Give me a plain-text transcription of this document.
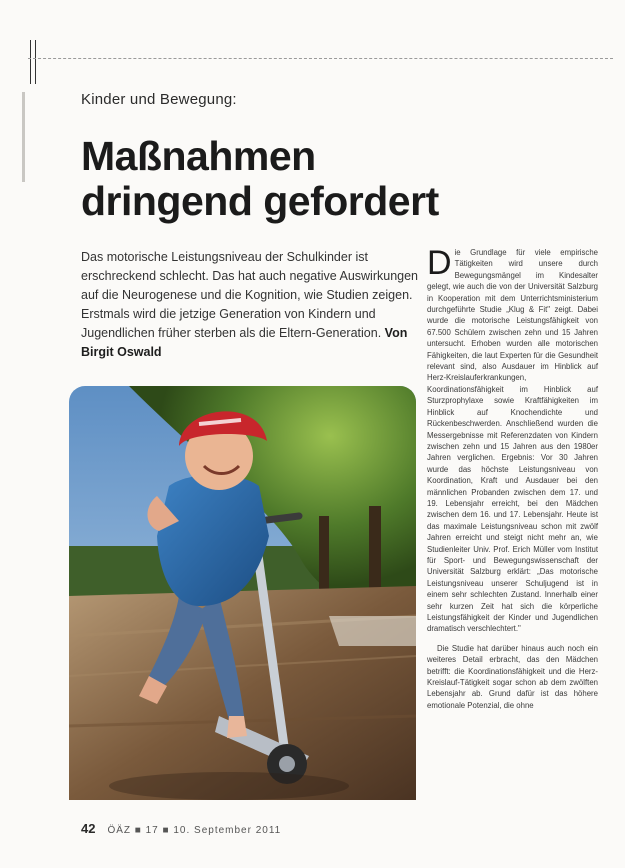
Kinder und Bewegung:
Maßnahmen
dringend gefordert
Das motorische Leistungsniveau der Schulkinder ist erschreckend schlecht. Das hat auch negative Auswirkungen auf die Neurogenese und die Kognition, wie Studien zeigen. Erstmals wird die jetzige Generation von Kindern und Jugendlichen früher sterben als die Eltern-Generation. Von Birgit Oswald

Die Grundlage für viele empirische Tätigkeiten wird unsere durch Bewegungsmängel im Kindesalter gelegt, wie auch die von der Universität Salzburg in Kooperation mit dem Unterrichtsministerium durchgeführte Studie „Klug & Fit" zeigt. Dabei wurde die motorische Leistungsfähigkeit von 67.500 Schülern zwischen zehn und 15 Jahren untersucht. Erhoben wurden alle motorischen Fähigkeiten, die laut Experten für die Gesundheit relevant sind, also Ausdauer im Hinblick auf Herz-Kreislauferkrankungen, Koordinationsfähigkeit im Hinblick auf Sturzprophylaxe sowie Kraftfähigkeiten im Hinblick auf Knochendichte und Rückenbeschwerden. Anschließend wurden die Messergebnisse mit Referenzdaten von Kindern zwischen zehn und 15 Jahren aus den 1980er Jahren verglichen. Ergebnis: Vor 30 Jahren wurde das höchste Leistungsniveau von Koordination, Kraft und Ausdauer bei den männlichen Probanden zwischen dem 17. und 19. Lebensjahr erreicht, bei den Mädchen zwischen dem 16. und 17. Lebensjahr. Heute ist das maximale Leistungsniveau schon mit zwölf Jahren erreicht und steigt nicht mehr an, wie Studienleiter Univ. Prof. Erich Müller vom Institut für Sport- und Bewegungswissenschaft der Universität Salzburg erklärt: „Das motorische Leistungsniveau unserer Schuljugend ist in einem sehr schlechten Zustand. Innerhalb einer sehr kurzen Zeit hat sich die körperliche Leistungsfähigkeit der Kinder und Jugendlichen dramatisch verschlechtert."

Die Studie hat darüber hinaus auch noch ein weiteres Detail erbracht, das den Mädchen betrifft: die Koordinationsfähigkeit und die Herz-Kreislauf-Tätigkeit sogar schon ab dem zwölften Lebensjahr ab. Grund dafür ist das höhere emotionale Potenzial, die ohne

42 ÖÄZ ■ 17 ■ 10. September 2011
